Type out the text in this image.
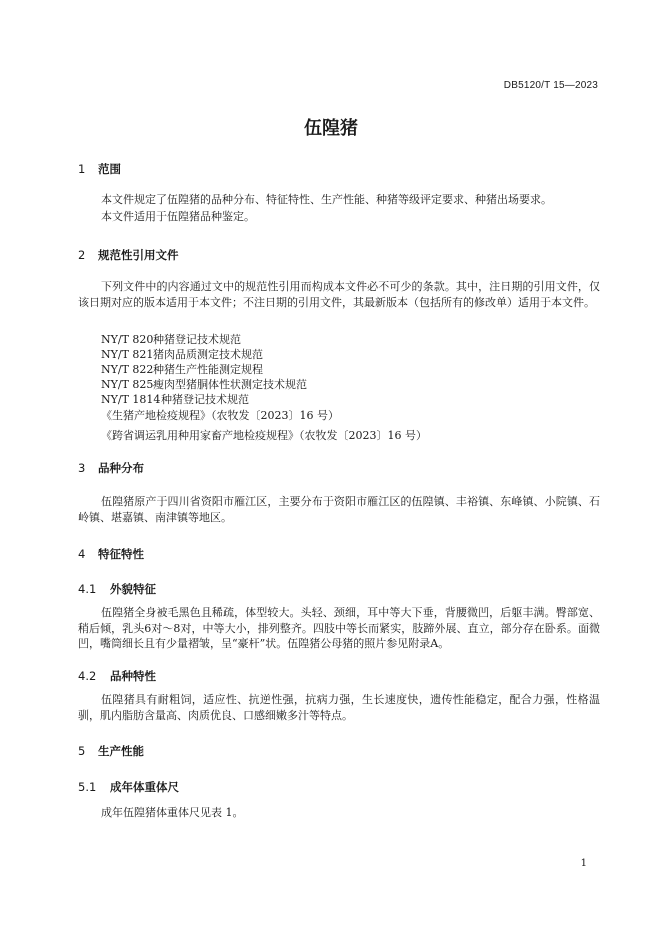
DB5120/T 15—2023
伍隍猪
1 范围
本文件规定了伍隍猪的品种分布、特征特性、生产性能、种猪等级评定要求、种猪出场要求。
本文件适用于伍隍猪品种鉴定。
2 规范性引用文件
下列文件中的内容通过文中的规范性引用而构成本文件必不可少的条款。其中，注日期的引用文件，仅该日期对应的版本适用于本文件；不注日期的引用文件，其最新版本（包括所有的修改单）适用于本文件。
NY/T 820种猪登记技术规范
NY/T 821猪肉品质测定技术规范
NY/T 822种猪生产性能测定规程
NY/T 825瘦肉型猪胴体性状测定技术规范
NY/T 1814种猪登记技术规范
《生猪产地检疫规程》（农牧发〔2023〕16 号）
《跨省调运乳用种用家畜产地检疫规程》（农牧发〔2023〕16 号）
3 品种分布
伍隍猪原产于四川省资阳市雁江区，主要分布于资阳市雁江区的伍隍镇、丰裕镇、东峰镇、小院镇、石岭镇、堪嘉镇、南津镇等地区。
4 特征特性
4.1 外貌特征
伍隍猪全身被毛黑色且稀疏，体型较大。头轻、颈细，耳中等大下垂，背腰微凹，后躯丰满。臀部宽、稍后倾，乳头6对～8对，中等大小，排列整齐。四肢中等长而紧实，肢蹄外展、直立，部分存在卧系。面微凹，嘴筒细长且有少量褶皱，呈“豪杆”状。伍隍猪公母猪的照片参见附录A。
4.2 品种特性
伍隍猪具有耐粗饲，适应性、抗逆性强，抗病力强，生长速度快，遗传性能稳定，配合力强，性格温驯，肌内脂肪含量高、肉质优良、口感细嫩多汁等特点。
5 生产性能
5.1 成年体重体尺
成年伍隍猪体重体尺见表 1。
1
